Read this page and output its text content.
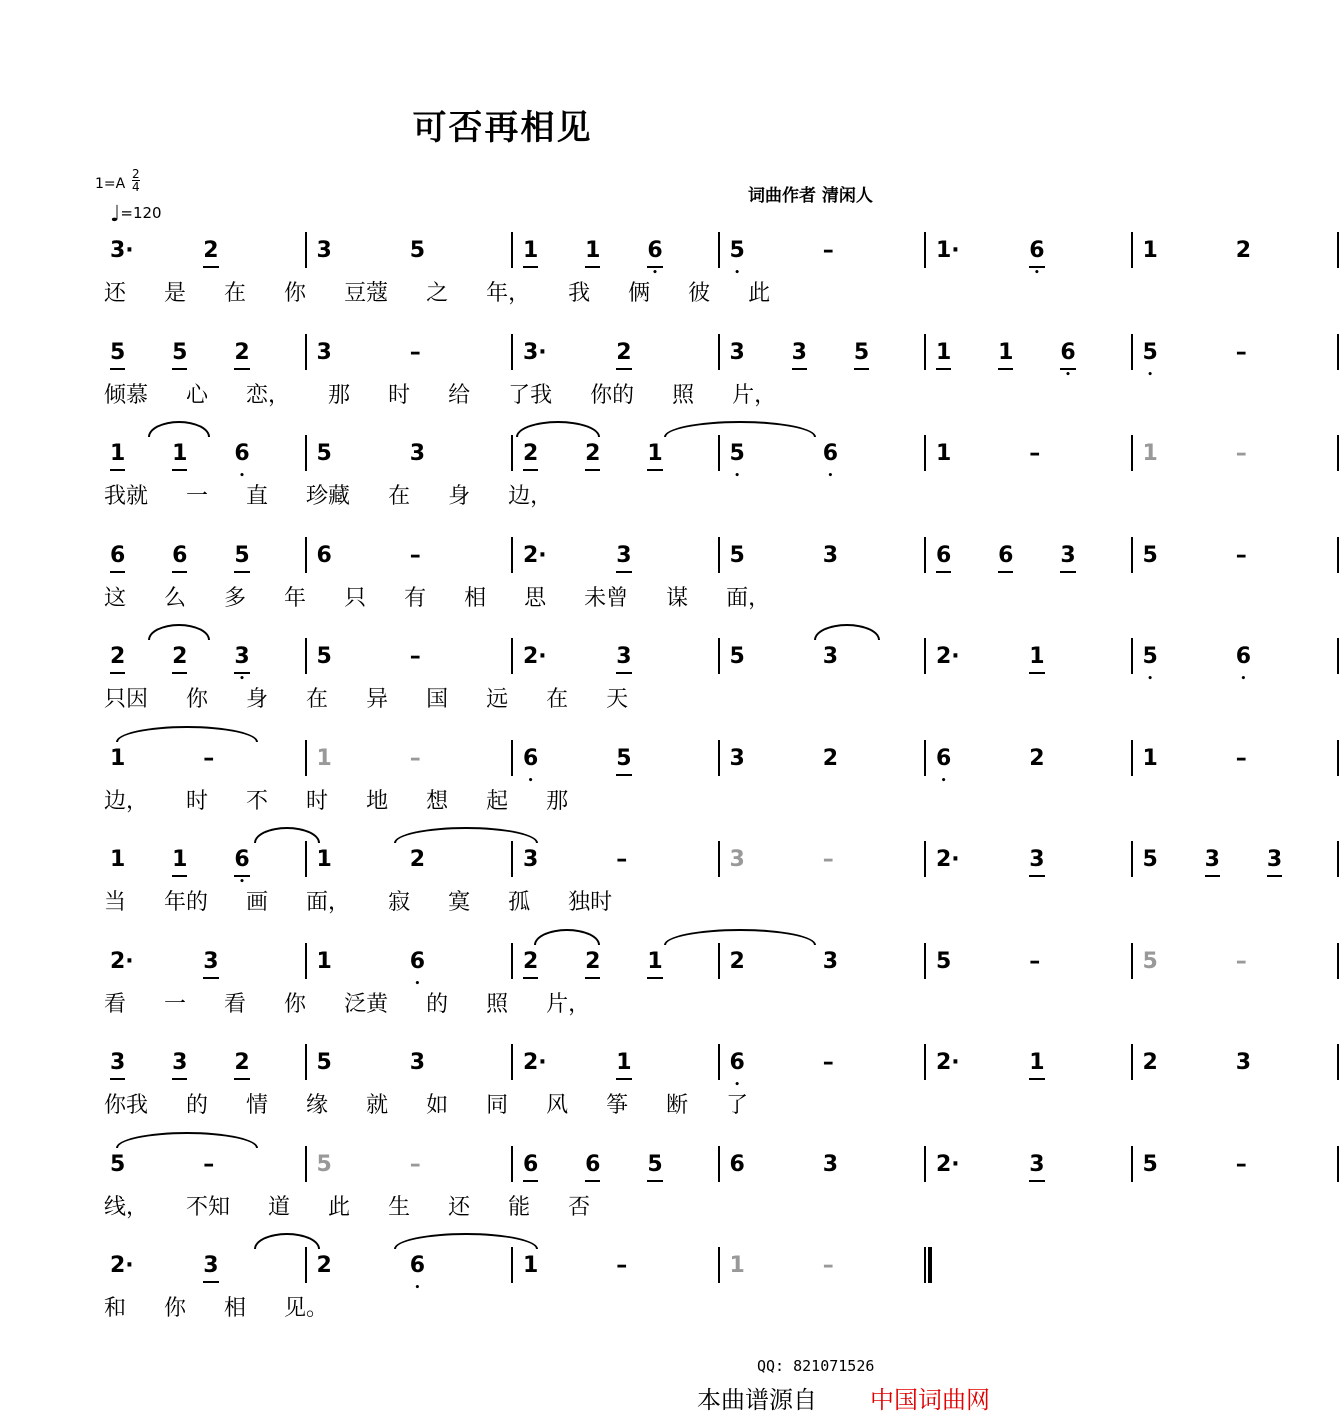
可否再相见
$1=A \frac{2}{4}$
♩=120
词曲作者 清闲人
3·	2	3	5	1 1 6 •	5 •	–	1·	6 •	1	2
还 是 在 你 豆蔻 之 年， 我 俩 彼 此
5 5 2	3	–	3·	2	3 3 5	1 1 6 •	5 •	–
倾慕 心 恋， 那 时 给 了我 你的 照 片，
1 1 6 •	5	3	2 2 1	5 •	6 •	1	–	1	–
我就 一 直 珍藏 在 身 边，
6 6 5	6	–	2·	3	5	3	6 6 3	5	–
这 么 多 年 只 有 相 思 未曾 谋 面，
2 2 3 •	5	–	2·	3	5	3	2·	1	5 •	6 •
只因 你 身 在 异 国 远 在 天
1	–	1	–	6 •	5	3	2	6 •	2	1	–
边， 时 不 时 地 想 起 那
1 1 6 •	1	2	3	–	3	–	2·	3	5 3 3
当 年的 画 面， 寂 寞 孤 独时
2·	3	1	6 •	2 2 1	2	3	5	–	5	–
看 一 看 你 泛黄 的 照 片，
3 3 2	5	3	2·	1	6 •	–	2·	1	2	3
你我 的 情 缘 就 如 同 风 筝 断 了
5	–	5	–	6 6 5	6	3	2·	3	5	–
线， 不知 道 此 生 还 能 否
2·	3	2	6 •	1	–	1	–
和 你 相 见。
QQ: 821071526
本曲谱源自 中国词曲网
